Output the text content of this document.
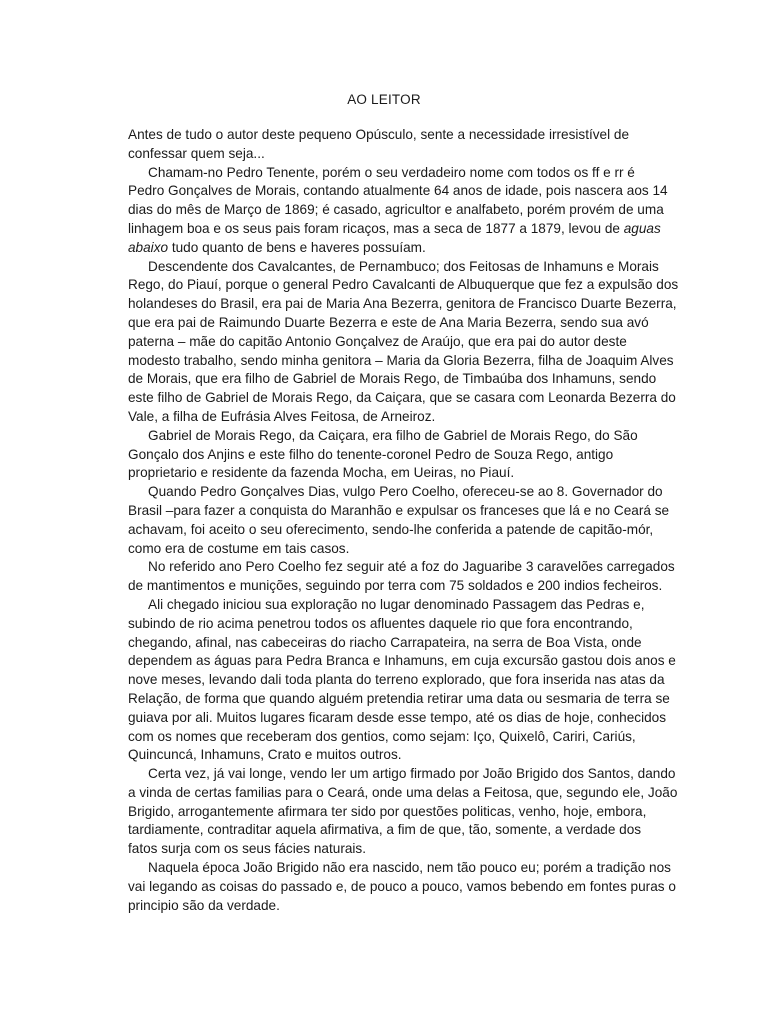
AO LEITOR
Antes de tudo o autor deste pequeno Opúsculo, sente a necessidade irresistível de
confessar quem seja...
Chamam-no Pedro Tenente, porém o seu verdadeiro nome com todos os ff e rr é
Pedro Gonçalves de Morais, contando atualmente 64 anos de idade, pois nascera aos 14
dias do mês de Março de 1869; é casado, agricultor e analfabeto, porém provém de uma
linhagem boa e os seus pais foram ricaços, mas a seca de 1877 a 1879, levou de aguas
abaixo tudo quanto de bens e haveres possuíam.
Descendente dos Cavalcantes, de Pernambuco; dos Feitosas de Inhamuns e Morais
Rego, do Piauí, porque o general Pedro Cavalcanti de Albuquerque que fez a expulsão dos
holandeses do Brasil, era pai de Maria Ana Bezerra, genitora de Francisco Duarte Bezerra,
que era pai de Raimundo Duarte Bezerra e este de Ana Maria Bezerra, sendo sua avó
paterna – mãe do capitão Antonio Gonçalvez de Araújo, que era pai do autor deste
modesto trabalho, sendo minha genitora – Maria da Gloria Bezerra, filha de Joaquim Alves
de Morais, que era filho de Gabriel de Morais Rego, de Timbaúba dos Inhamuns, sendo
este filho de Gabriel de Morais Rego, da Caiçara, que se casara com Leonarda Bezerra do
Vale, a filha de Eufrásia Alves Feitosa, de Arneiroz.
Gabriel de Morais Rego, da Caiçara, era filho de Gabriel de Morais Rego, do São
Gonçalo dos Anjins e este filho do tenente-coronel Pedro de Souza Rego, antigo
proprietario e residente da fazenda Mocha, em Ueiras, no Piauí.
Quando Pedro Gonçalves Dias, vulgo Pero Coelho, ofereceu-se ao 8. Governador do
Brasil –para fazer a conquista do Maranhão e expulsar os franceses que lá e no Ceará se
achavam, foi aceito o seu oferecimento, sendo-lhe conferida a patende de capitão-mór,
como era de costume em tais casos.
No referido ano Pero Coelho fez seguir até a foz do Jaguaribe 3 caravelões carregados
de mantimentos e munições, seguindo por terra com 75 soldados e 200 indios fecheiros.
Ali chegado iniciou sua exploração no lugar denominado Passagem das Pedras e,
subindo de rio acima penetrou todos os afluentes daquele rio que fora encontrando,
chegando, afinal, nas cabeceiras do riacho Carrapateira, na serra de Boa Vista, onde
dependem as águas para Pedra Branca e Inhamuns, em cuja excursão gastou dois anos e
nove meses, levando dali toda planta do terreno explorado, que fora inserida nas atas da
Relação, de forma que quando alguém pretendia retirar uma data ou sesmaria de terra se
guiava por ali. Muitos lugares ficaram desde esse tempo, até os dias de hoje, conhecidos
com os nomes que receberam dos gentios, como sejam: Iço, Quixelô, Cariri, Cariús,
Quincuncá, Inhamuns, Crato e muitos outros.
Certa vez, já vai longe, vendo ler um artigo firmado por João Brigido dos Santos, dando
a vinda de certas familias para o Ceará, onde uma delas a Feitosa, que, segundo ele, João
Brigido, arrogantemente afirmara ter sido por questões politicas, venho, hoje, embora,
tardiamente, contraditar aquela afirmativa, a fim de que, tão, somente, a verdade dos
fatos surja com os seus fácies naturais.
Naquela época João Brigido não era nascido, nem tão pouco eu; porém a tradição nos
vai legando as coisas do passado e, de pouco a pouco, vamos bebendo em fontes puras o
principio são da verdade.
